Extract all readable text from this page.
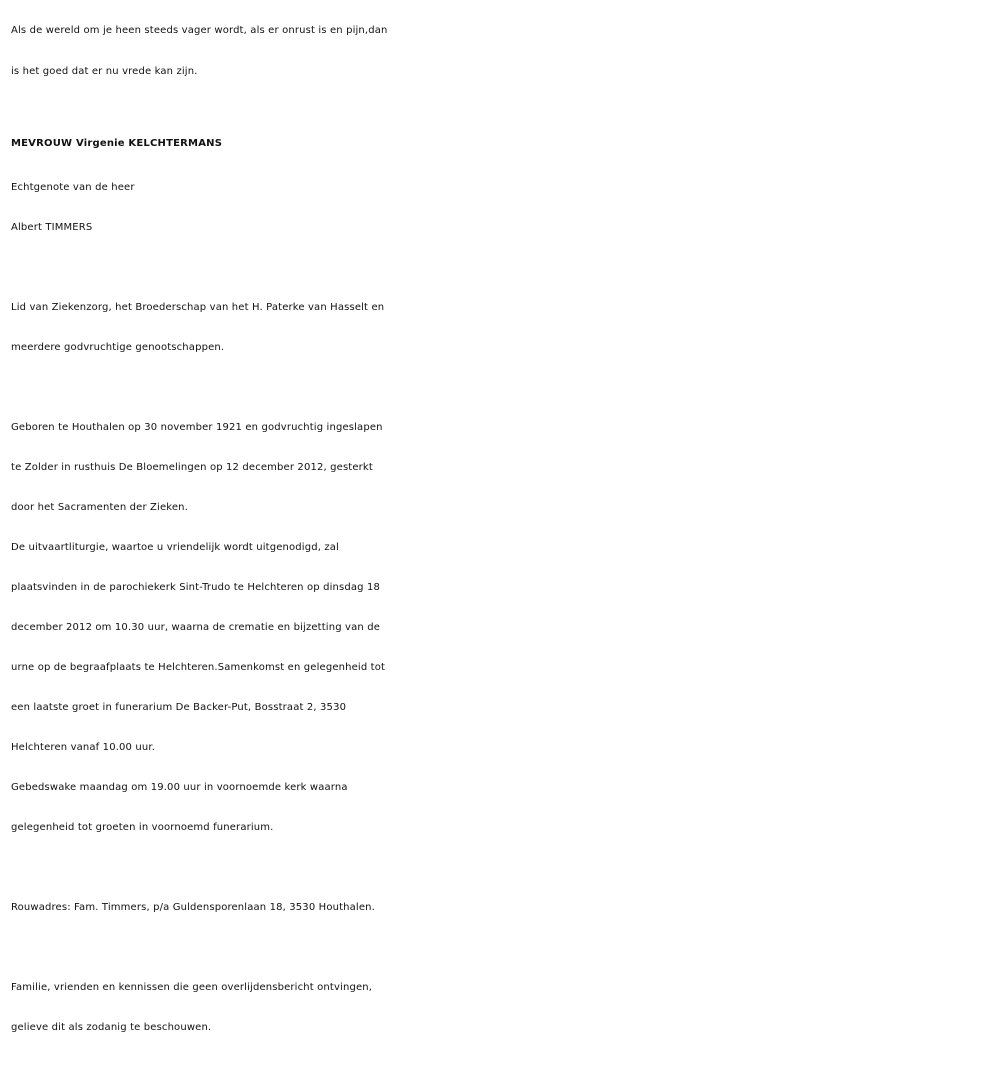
Als de wereld om je heen steeds vager wordt, als er onrust is en pijn,dan
is het goed dat er nu vrede kan zijn.
MEVROUW Virgenie KELCHTERMANS
Echtgenote van de heer
Albert TIMMERS
Lid van Ziekenzorg, het Broederschap van het H. Paterke van Hasselt en
meerdere godvruchtige genootschappen.
Geboren te Houthalen op 30 november 1921 en godvruchtig ingeslapen
te Zolder in rusthuis De Bloemelingen op 12 december 2012, gesterkt
door het Sacramenten der Zieken.
De uitvaartliturgie, waartoe u vriendelijk wordt uitgenodigd, zal
plaatsvinden in de parochiekerk Sint-Trudo te Helchteren op dinsdag 18
december 2012 om 10.30 uur, waarna de crematie en bijzetting van de
urne op de begraafplaats te Helchteren.Samenkomst en gelegenheid tot
een laatste groet in funerarium De Backer-Put, Bosstraat 2, 3530
Helchteren vanaf 10.00 uur.
Gebedswake maandag om 19.00 uur in voornoemde kerk waarna
gelegenheid tot groeten in voornoemd funerarium.
Rouwadres: Fam. Timmers, p/a Guldensporenlaan 18, 3530 Houthalen.
Familie, vrienden en kennissen die geen overlijdensbericht ontvingen,
gelieve dit als zodanig te beschouwen.
